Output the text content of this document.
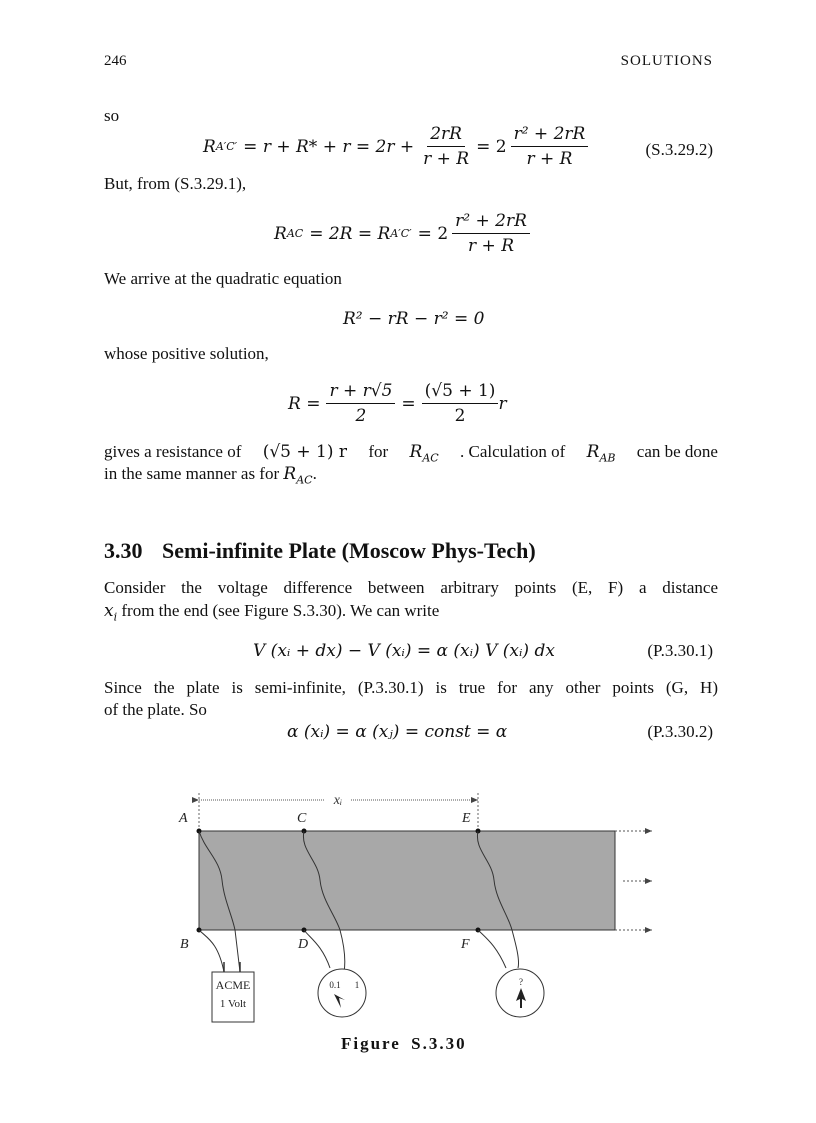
246	SOLUTIONS
so
R $A'C' = r + R* + r = 2r + \frac{2rR}{r + R} = 2 \frac{\text{r² + 2rR}}{r + R}$	(S.3.29.2)
But, from (S.3.29.1),
R AC = 2R = R $A'C' = 2 \frac{\text{r² + 2rR}}{r + R}$
We arrive at the quadratic equation
R² − rR − r² = 0
whose positive solution,
$R = \frac{r + r√5}{2} = \frac{(√5 + 1)}{2}$ r
gives a resistance of (√5 + 1) r for $R_{AC}$ . Calculation of $R_{AB}$ can be done
in the same manner as for $R_{AC}$.
3.30 Semi-infinite Plate (Moscow Phys-Tech)
Consider the voltage difference between arbitrary points (E, F) a distance
$x_i$ from the end (see Figure S.3.30). We can write
V (xᵢ + dx) − V (xᵢ) = α (xᵢ) V (xᵢ) dx	(P.3.30.1)
Since the plate is semi-infinite, (P.3.30.1) is true for any other points (G, H)
of the plate. So
α (xᵢ) = α (xⱼ) = const = α	(P.3.30.2)
xᵢ
A	C	E
B	D	F
ACME
1 Volt
0.1 1	?
Figure S.3.30
